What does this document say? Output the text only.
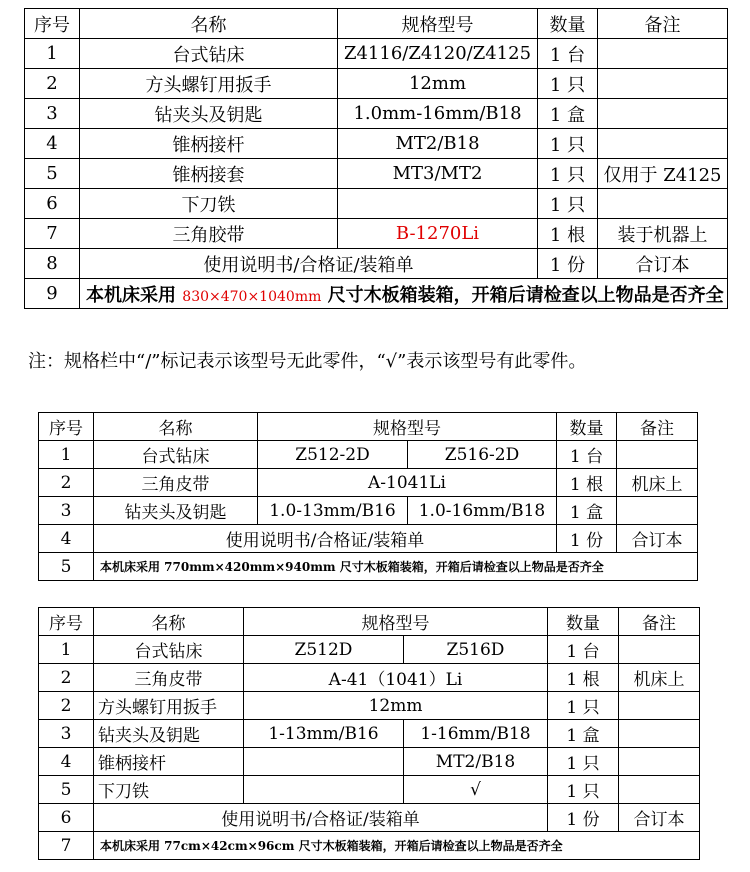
序号	名称	规格型号	数量	备注
1	台式钻床	Z4116/Z4120/Z4125	1 台	
2	方头螺钉用扳手	12mm	1 只	
3	钻夹头及钥匙	1.0mm-16mm/B18	1 盒	
4	锥柄接杆	MT2/B18	1 只	
5	锥柄接套	MT3/MT2	1 只	仅用于 Z4125
6	下刀铁		1 只	
7	三角胶带	B-1270Li	1 根	装于机器上
8	使用说明书/合格证/装箱单		1 份	合订本
9	本机床采用 830×470×1040mm 尺寸木板箱装箱，开箱后请检查以上物品是否齐全			
注：规格栏中“/”标记表示该型号无此零件，“√”表示该型号有此零件。
序号	名称	规格型号		数量	备注
1	台式钻床	Z512-2D	Z516-2D	1 台	
2	三角皮带	A-1041Li		1 根	机床上
3	钻夹头及钥匙	1.0-13mm/B16	1.0-16mm/B18	1 盒	
4	使用说明书/合格证/装箱单			1 份	合订本
5	本机床采用 770mm×420mm×940mm 尺寸木板箱装箱，开箱后请检查以上物品是否齐全				
序号	名称	规格型号		数量	备注
1	台式钻床	Z512D	Z516D	1 台	
2	三角皮带	A-41（1041）Li		1 根	机床上
2	方头螺钉用扳手	12mm		1 只	
3	钻夹头及钥匙	1-13mm/B16	1-16mm/B18	1 盒	
4	锥柄接杆		MT2/B18	1 只	
5	下刀铁		√	1 只	
6	使用说明书/合格证/装箱单			1 份	合订本
7	本机床采用 77cm×42cm×96cm 尺寸木板箱装箱，开箱后请检查以上物品是否齐全				
